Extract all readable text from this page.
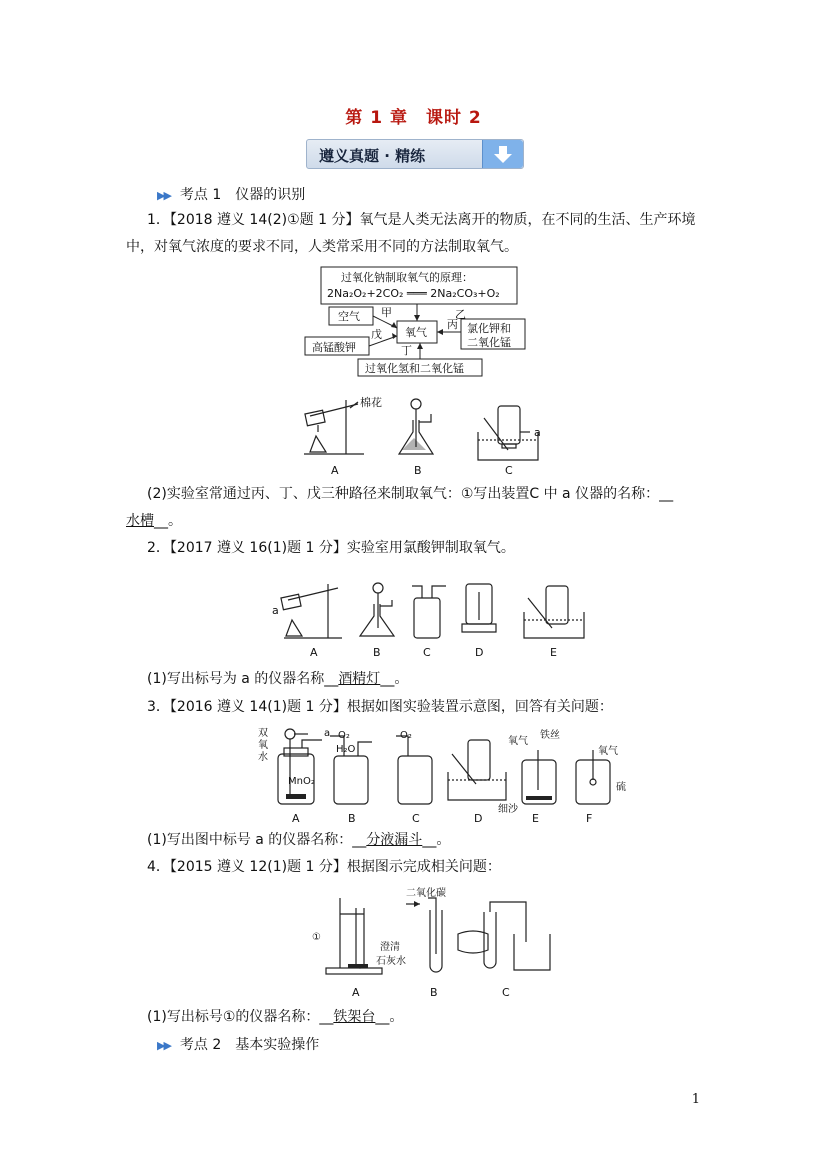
第 1 章　课时 2
遵义真题 · 精练
▶▶ 考点 1　仪器的识别
1．【2018 遵义 14(2)①题 1 分】氧气是人类无法离开的物质，在不同的生活、生产环境
中，对氧气浓度的要求不同，人类常采用不同的方法制取氧气。
过氧化钠制取氧气的原理：
2Na₂O₂+2CO₂ ═══ 2Na₂CO₃+O₂
氧气
空气
高锰酸钾
氯化钾和
二氧化锰
过氧化氢和二氧化锰
甲	乙
丙
丁
戊
棉花
a
A	B	C
(2)实验室常通过丙、丁、戊三种路径来制取氧气：①写出装置C 中 a 仪器的名称：__
水槽__。
2．【2017 遵义 16(1)题 1 分】实验室用氯酸钾制取氧气。
a
A	B	C	D	E
(1)写出标号为 a 的仪器名称__酒精灯__。
3．【2016 遵义 14(1)题 1 分】根据如图实验装置示意图，回答有关问题：
双
氧
水
a O₂
H₂O
O₂
MnO₂
氧气
铁丝
氧气
细沙
硫
A	B	C	D	E	F
(1)写出图中标号 a 的仪器名称：__分液漏斗__。
4．【2015 遵义 12(1)题 1 分】根据图示完成相关问题：
①
二氧化碳
澄清
石灰水
A	B	C
(1)写出标号①的仪器名称：__铁架台__。
▶▶ 考点 2　基本实验操作
1
